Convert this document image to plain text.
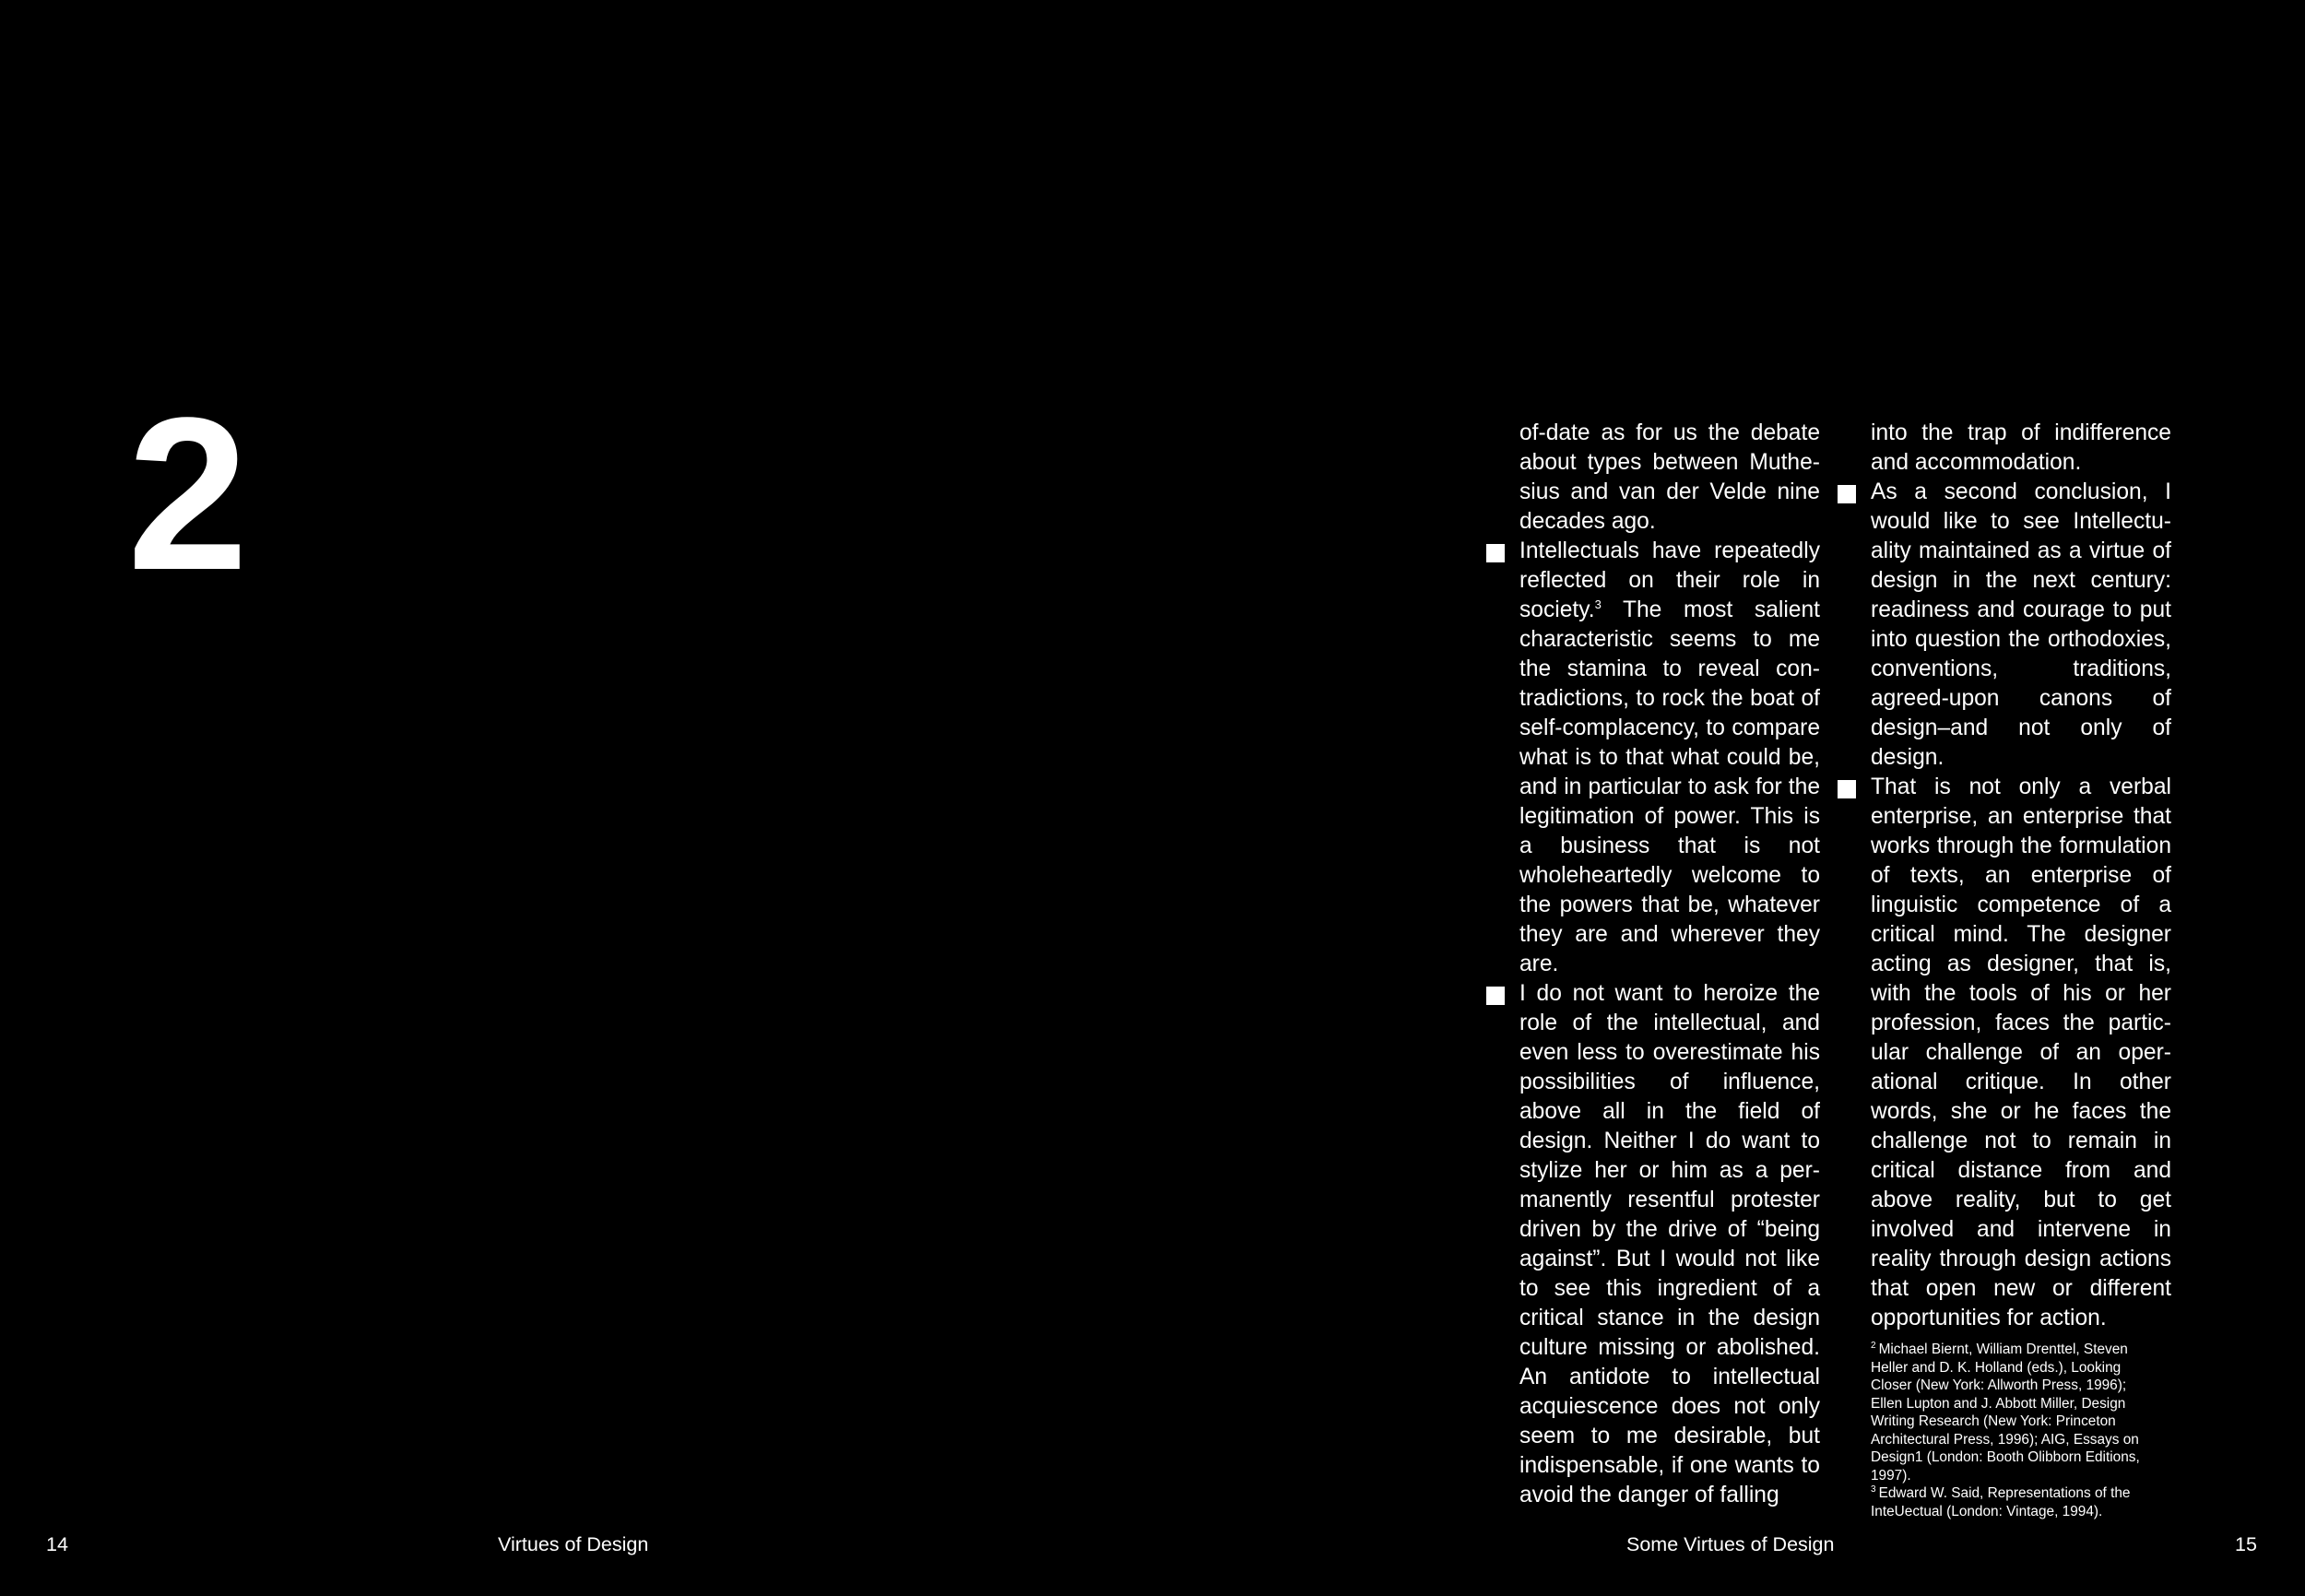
2	of-date as for us the debate about types between Muthesius and van der Velde nine decades ago.

Intellectuals have repeatedly reflected on their role in society.$^3$ The most salient characteristic seems to me the stamina to reveal contradictions, to rock the boat of self-complacency, to compare what is to that what could be, and in particular to ask for the legitimation of power. This is a business that is not wholeheartedly welcome to the powers that be, whatever they are and wherever they are.

I do not want to heroize the role of the intellectual, and even less to overestimate his possibilities of influence, above all in the field of design. Neither I do want to stylize her or him as a permanently resentful protester driven by the drive of “being against”. But I would not like to see this ingredient of a critical stance in the design culture missing or abolished. An antidote to intellectual acquiescence does not only seem to me desirable, but indispensable, if one wants to avoid the danger of falling

into the trap of indifference and accommodation.

As a second conclusion, I would like to see Intellectuality maintained as a virtue of design in the next century: readiness and courage to put into question the orthodoxies, conventions, traditions, agreed-upon canons of design–and not only of design.

That is not only a verbal enterprise, an enterprise that works through the formulation of texts, an enterprise of linguistic competence of a critical mind. The designer acting as designer, that is, with the tools of his or her profession, faces the particular challenge of an operational critique. In other words, she or he faces the challenge not to remain in critical distance from and above reality, but to get involved and intervene in reality through design actions that open new or different opportunities for action.

$^2$ Michael Biernt, William Drenttel, Steven Heller and D. K. Holland (eds.), Looking Closer (New York: Allworth Press, 1996); Ellen Lupton and J. Abbott Miller, Design Writing Research (New York: Princeton Architectural Press, 1996); AIG, Essays on Design1 (London: Booth Olibborn Editions, 1997).

$^3$ Edward W. Said, Representations of the InteUectual (London: Vintage, 1994).

14	Virtues of Design	Some Virtues of Design	15
